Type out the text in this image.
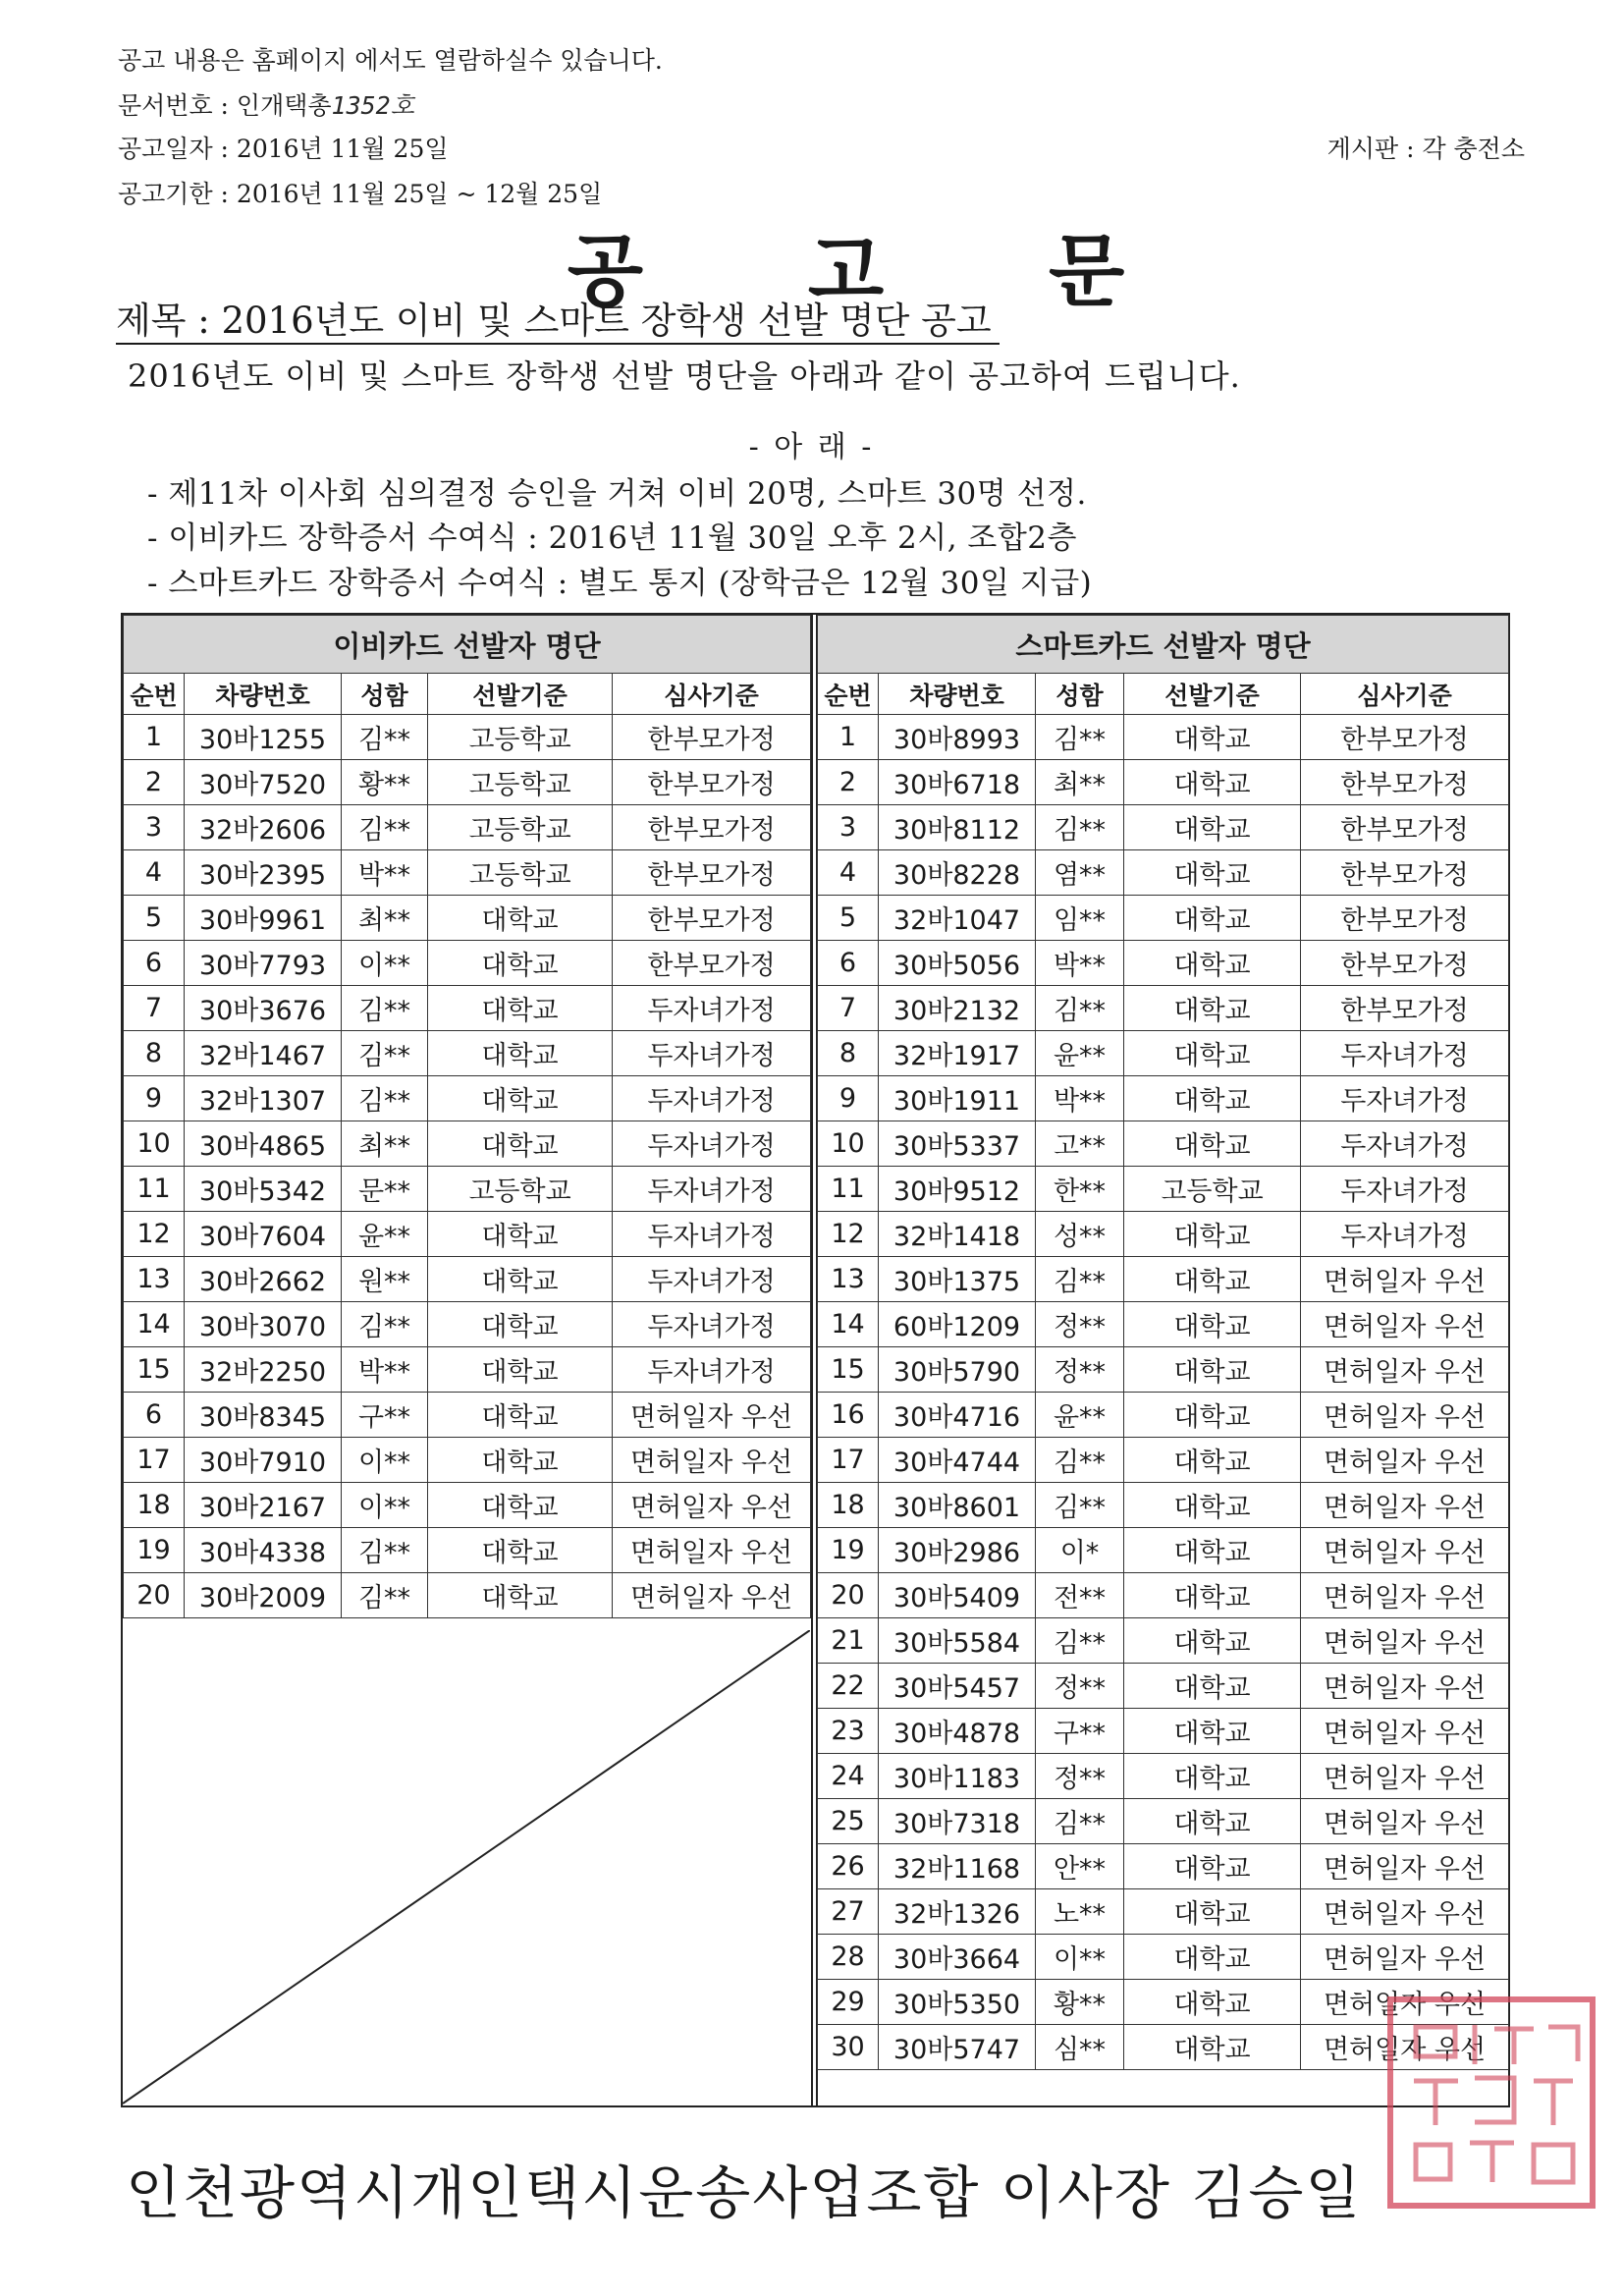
공고 내용은 홈페이지 에서도 열람하실수 있습니다.
문서번호 : 인개택총1352호
공고일자 : 2016년 11월 25일
공고기한 : 2016년 11월 25일 ~ 12월 25일
게시판 : 각 충전소
공 고 문
제목 : 2016년도 이비 및 스마트 장학생 선발 명단 공고
2016년도 이비 및 스마트 장학생 선발 명단을 아래과 같이 공고하여 드립니다.
- 아 래 -
- 제11차 이사회 심의결정 승인을 거쳐 이비 20명, 스마트 30명 선정.
- 이비카드 장학증서 수여식 : 2016년 11월 30일 오후 2시, 조합2층
- 스마트카드 장학증서 수여식 : 별도 통지 (장학금은 12월 30일 지급)
이비카드 선발자 명단				
순번	차량번호	성함	선발기준	심사기준
1	30바1255	김**	고등학교	한부모가정
2	30바7520	황**	고등학교	한부모가정
3	32바2606	김**	고등학교	한부모가정
4	30바2395	박**	고등학교	한부모가정
5	30바9961	최**	대학교	한부모가정
6	30바7793	이**	대학교	한부모가정
7	30바3676	김**	대학교	두자녀가정
8	32바1467	김**	대학교	두자녀가정
9	32바1307	김**	대학교	두자녀가정
10	30바4865	최**	대학교	두자녀가정
11	30바5342	문**	고등학교	두자녀가정
12	30바7604	윤**	대학교	두자녀가정
13	30바2662	원**	대학교	두자녀가정
14	30바3070	김**	대학교	두자녀가정
15	32바2250	박**	대학교	두자녀가정
6	30바8345	구**	대학교	면허일자 우선
17	30바7910	이**	대학교	면허일자 우선
18	30바2167	이**	대학교	면허일자 우선
19	30바4338	김**	대학교	면허일자 우선
20	30바2009	김**	대학교	면허일자 우선
스마트카드 선발자 명단				
순번	차량번호	성함	선발기준	심사기준
1	30바8993	김**	대학교	한부모가정
2	30바6718	최**	대학교	한부모가정
3	30바8112	김**	대학교	한부모가정
4	30바8228	염**	대학교	한부모가정
5	32바1047	임**	대학교	한부모가정
6	30바5056	박**	대학교	한부모가정
7	30바2132	김**	대학교	한부모가정
8	32바1917	윤**	대학교	두자녀가정
9	30바1911	박**	대학교	두자녀가정
10	30바5337	고**	대학교	두자녀가정
11	30바9512	한**	고등학교	두자녀가정
12	32바1418	성**	대학교	두자녀가정
13	30바1375	김**	대학교	면허일자 우선
14	60바1209	정**	대학교	면허일자 우선
15	30바5790	정**	대학교	면허일자 우선
16	30바4716	윤**	대학교	면허일자 우선
17	30바4744	김**	대학교	면허일자 우선
18	30바8601	김**	대학교	면허일자 우선
19	30바2986	이*	대학교	면허일자 우선
20	30바5409	전**	대학교	면허일자 우선
21	30바5584	김**	대학교	면허일자 우선
22	30바5457	정**	대학교	면허일자 우선
23	30바4878	구**	대학교	면허일자 우선
24	30바1183	정**	대학교	면허일자 우선
25	30바7318	김**	대학교	면허일자 우선
26	32바1168	안**	대학교	면허일자 우선
27	32바1326	노**	대학교	면허일자 우선
28	30바3664	이**	대학교	면허일자 우선
29	30바5350	황**	대학교	면허일자 우선
30	30바5747	심**	대학교	면허일자 우선
인천광역시개인택시운송사업조합 이사장 김승일
